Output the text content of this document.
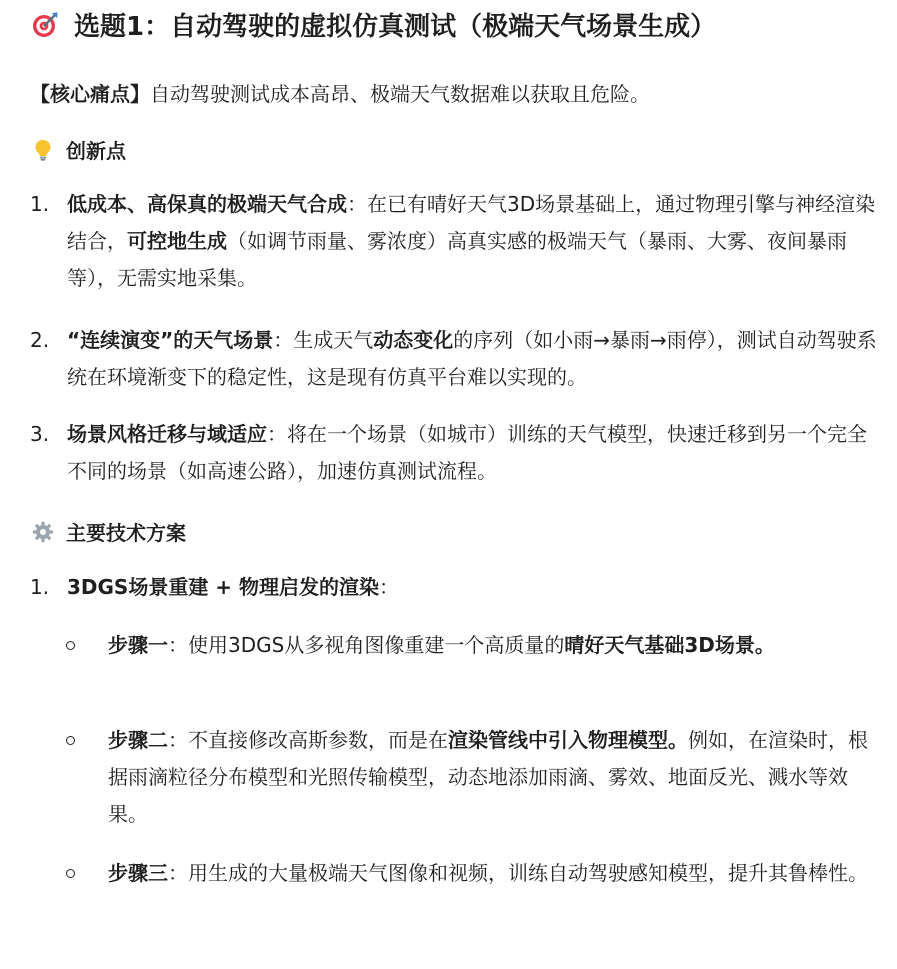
选题1：自动驾驶的虚拟仿真测试（极端天气场景生成）
【核心痛点】自动驾驶测试成本高昂、极端天气数据难以获取且危险。
创新点
1. 低成本、高保真的极端天气合成：在已有晴好天气3D场景基础上，通过物理引擎与神经渲染结合，可控地生成（如调节雨量、雾浓度）高真实感的极端天气（暴雨、大雾、夜间暴雨等），无需实地采集。
2. “连续演变”的天气场景：生成天气动态变化的序列（如小雨→暴雨→雨停），测试自动驾驶系统在环境渐变下的稳定性，这是现有仿真平台难以实现的。
3. 场景风格迁移与域适应：将在一个场景（如城市）训练的天气模型，快速迁移到另一个完全不同的场景（如高速公路），加速仿真测试流程。
主要技术方案
1. 3DGS场景重建 + 物理启发的渲染：
步骤一：使用3DGS从多视角图像重建一个高质量的晴好天气基础3D场景。
步骤二：不直接修改高斯参数，而是在渲染管线中引入物理模型。例如，在渲染时，根据雨滴粒径分布模型和光照传输模型，动态地添加雨滴、雾效、地面反光、溅水等效果。
步骤三：用生成的大量极端天气图像和视频，训练自动驾驶感知模型，提升其鲁棒性。
